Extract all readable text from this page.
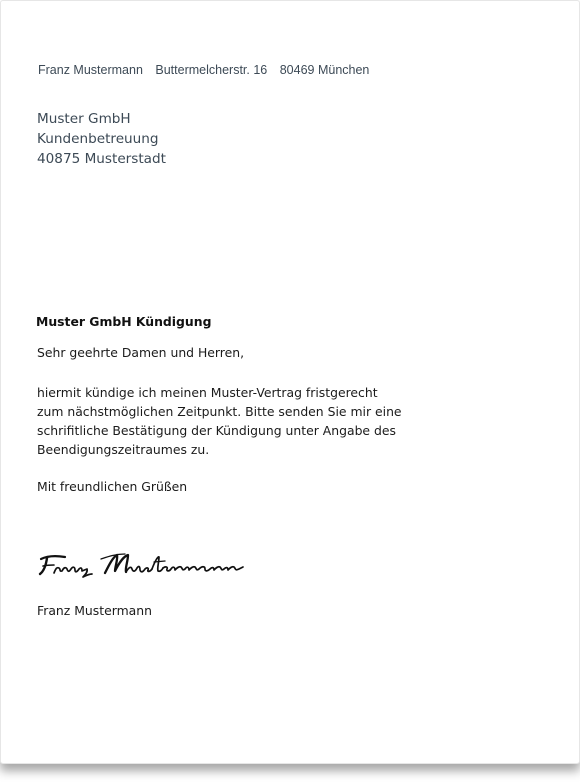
Franz Mustermann Buttermelcherstr. 16 80469 München
Muster GmbH
Kundenbetreuung
40875 Musterstadt
Muster GmbH Kündigung
Sehr geehrte Damen und Herren,
hiermit kündige ich meinen Muster-Vertrag fristgerecht
zum nächstmöglichen Zeitpunkt. Bitte senden Sie mir eine
schrifitliche Bestätigung der Kündigung unter Angabe des
Beendigungszeitraumes zu.
Mit freundlichen Grüßen
Franz Mustermann
